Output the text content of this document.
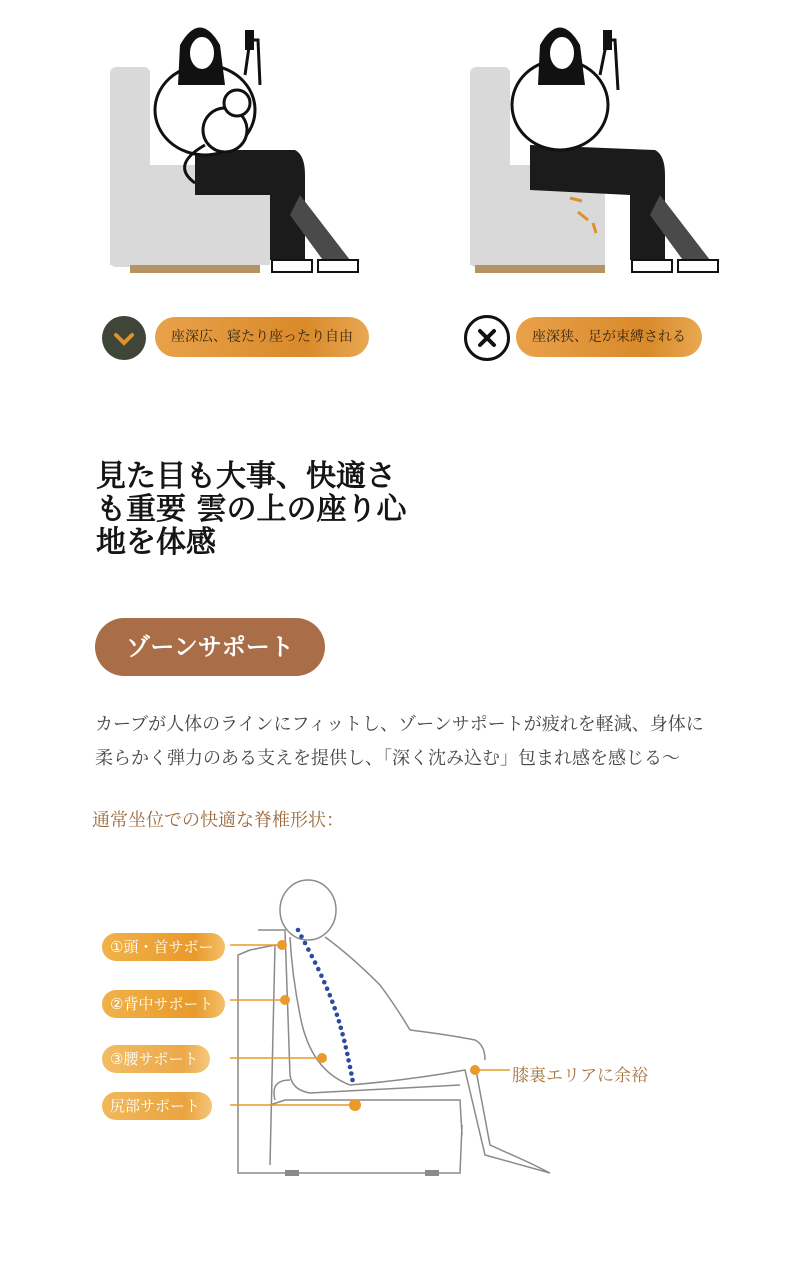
座深広、寝たり座ったり自由	座深狭、足が束縛される
見た目も大事、快適さ
も重要 雲の上の座り心
地を体感
ゾーンサポート
カーブが人体のラインにフィットし、ゾーンサポートが疲れを軽減、身体に
柔らかく弾力のある支えを提供し、「深く沈み込む」包まれ感を感じる～
通常坐位での快適な脊椎形状：
①頭・首サポー
②背中サポート
③腰サポート
尻部サポート
膝裏エリアに余裕
